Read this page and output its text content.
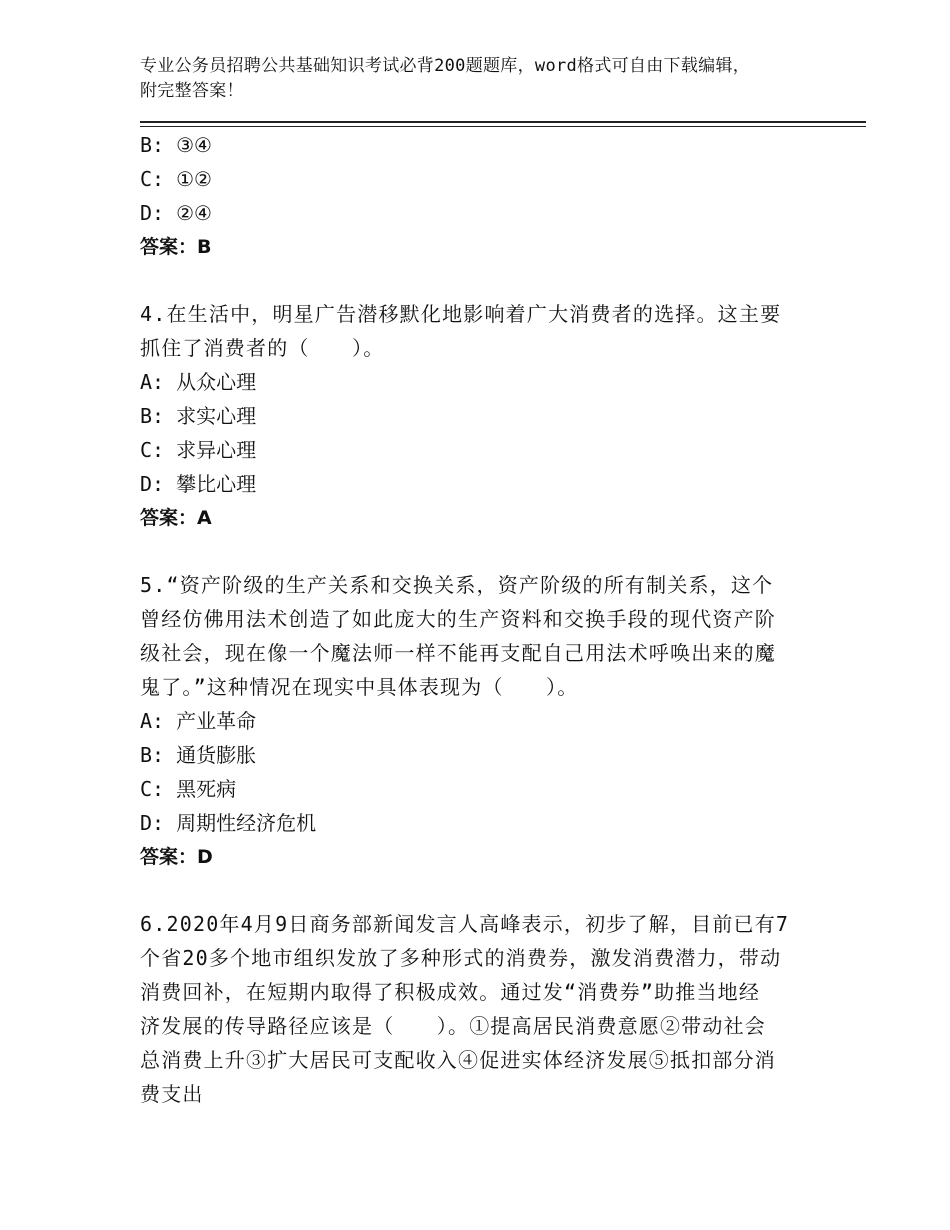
专业公务员招聘公共基础知识考试必背200题题库，word格式可自由下载编辑，
附完整答案！
B: ③④
C: ①②
D: ②④
答案：B
4.在生活中，明星广告潜移默化地影响着广大消费者的选择。这主要
抓住了消费者的（　　）。
A: 从众心理
B: 求实心理
C: 求异心理
D: 攀比心理
答案：A
5.“资产阶级的生产关系和交换关系，资产阶级的所有制关系，这个
曾经仿佛用法术创造了如此庞大的生产资料和交换手段的现代资产阶
级社会，现在像一个魔法师一样不能再支配自己用法术呼唤出来的魔
鬼了。”这种情况在现实中具体表现为（　　）。
A: 产业革命
B: 通货膨胀
C: 黑死病
D: 周期性经济危机
答案：D
6.2020年4月9日商务部新闻发言人高峰表示，初步了解，目前已有7
个省20多个地市组织发放了多种形式的消费券，激发消费潜力，带动
消费回补，在短期内取得了积极成效。通过发“消费券”助推当地经
济发展的传导路径应该是（　　）。①提高居民消费意愿②带动社会
总消费上升③扩大居民可支配收入④促进实体经济发展⑤抵扣部分消
费支出
